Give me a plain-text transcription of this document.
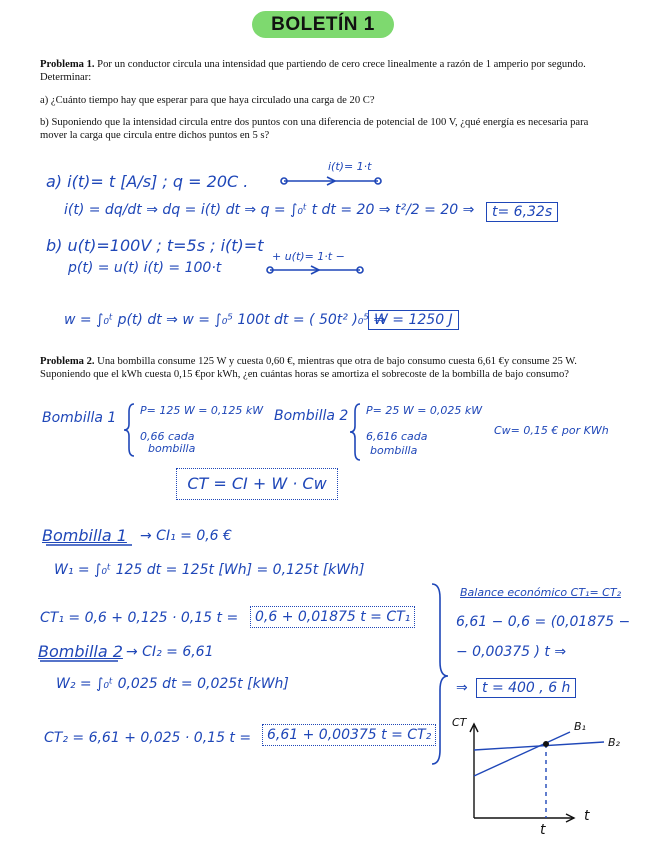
BOLETÍN 1
Problema 1. Por un conductor circula una intensidad que partiendo de cero crece linealmente a razón de 1 amperio por segundo. Determinar:
a) ¿Cuánto tiempo hay que esperar para que haya circulado una carga de 20 C?
b) Suponiendo que la intensidad circula entre dos puntos con una diferencia de potencial de 100 V, ¿qué energía es necesaria para mover la carga que circula entre dichos puntos en 5 s?
a) i(t)= t [A/s] ; q = 20C .
i(t)= 1·t
i(t) = dq/dt ⇒ dq = i(t) dt ⇒ q = ∫₀ᵗ t dt = 20 ⇒ t²/2 = 20 ⇒	t= 6,32s
b) u(t)=100V ; t=5s ; i(t)=t
p(t) = u(t) i(t) = 100·t
+ u(t)= 1·t −
w = ∫₀ᵗ p(t) dt ⇒ w = ∫₀⁵ 100t dt = ( 50t² )₀⁵ ⇒
W = 1250 J
Problema 2. Una bombilla consume 125 W y cuesta 0,60 €, mientras que otra de bajo consumo cuesta 6,61 €y consume 25 W. Suponiendo que el kWh cuesta 0,15 €por kWh, ¿en cuántas horas se amortiza el sobrecoste de la bombilla de bajo consumo?
Bombilla 1 P= 125 W = 0,125 kW
0,66 cada
bombilla
Bombilla 2 P= 25 W = 0,025 kW
6,616 cada
bombilla
Cw= 0,15 € por KWh
CT = CI + W · Cw
Bombilla 1 → CI₁ = 0,6 €
W₁ = ∫₀ᵗ 125 dt = 125t [Wh] = 0,125t [kWh]
CT₁ = 0,6 + 0,125 · 0,15 t =	0,6 + 0,01875 t = CT₁
Bombilla 2 → CI₂ = 6,61
W₂ = ∫₀ᵗ 0,025 dt = 0,025t [kWh]
CT₂ = 6,61 + 0,025 · 0,15 t =	6,61 + 0,00375 t = CT₂
Balance económico CT₁= CT₂
6,61 − 0,6 = (0,01875 −
− 0,00375 ) t ⇒
⇒	t = 400 , 6 h
CT
t
t
B₁
B₂
